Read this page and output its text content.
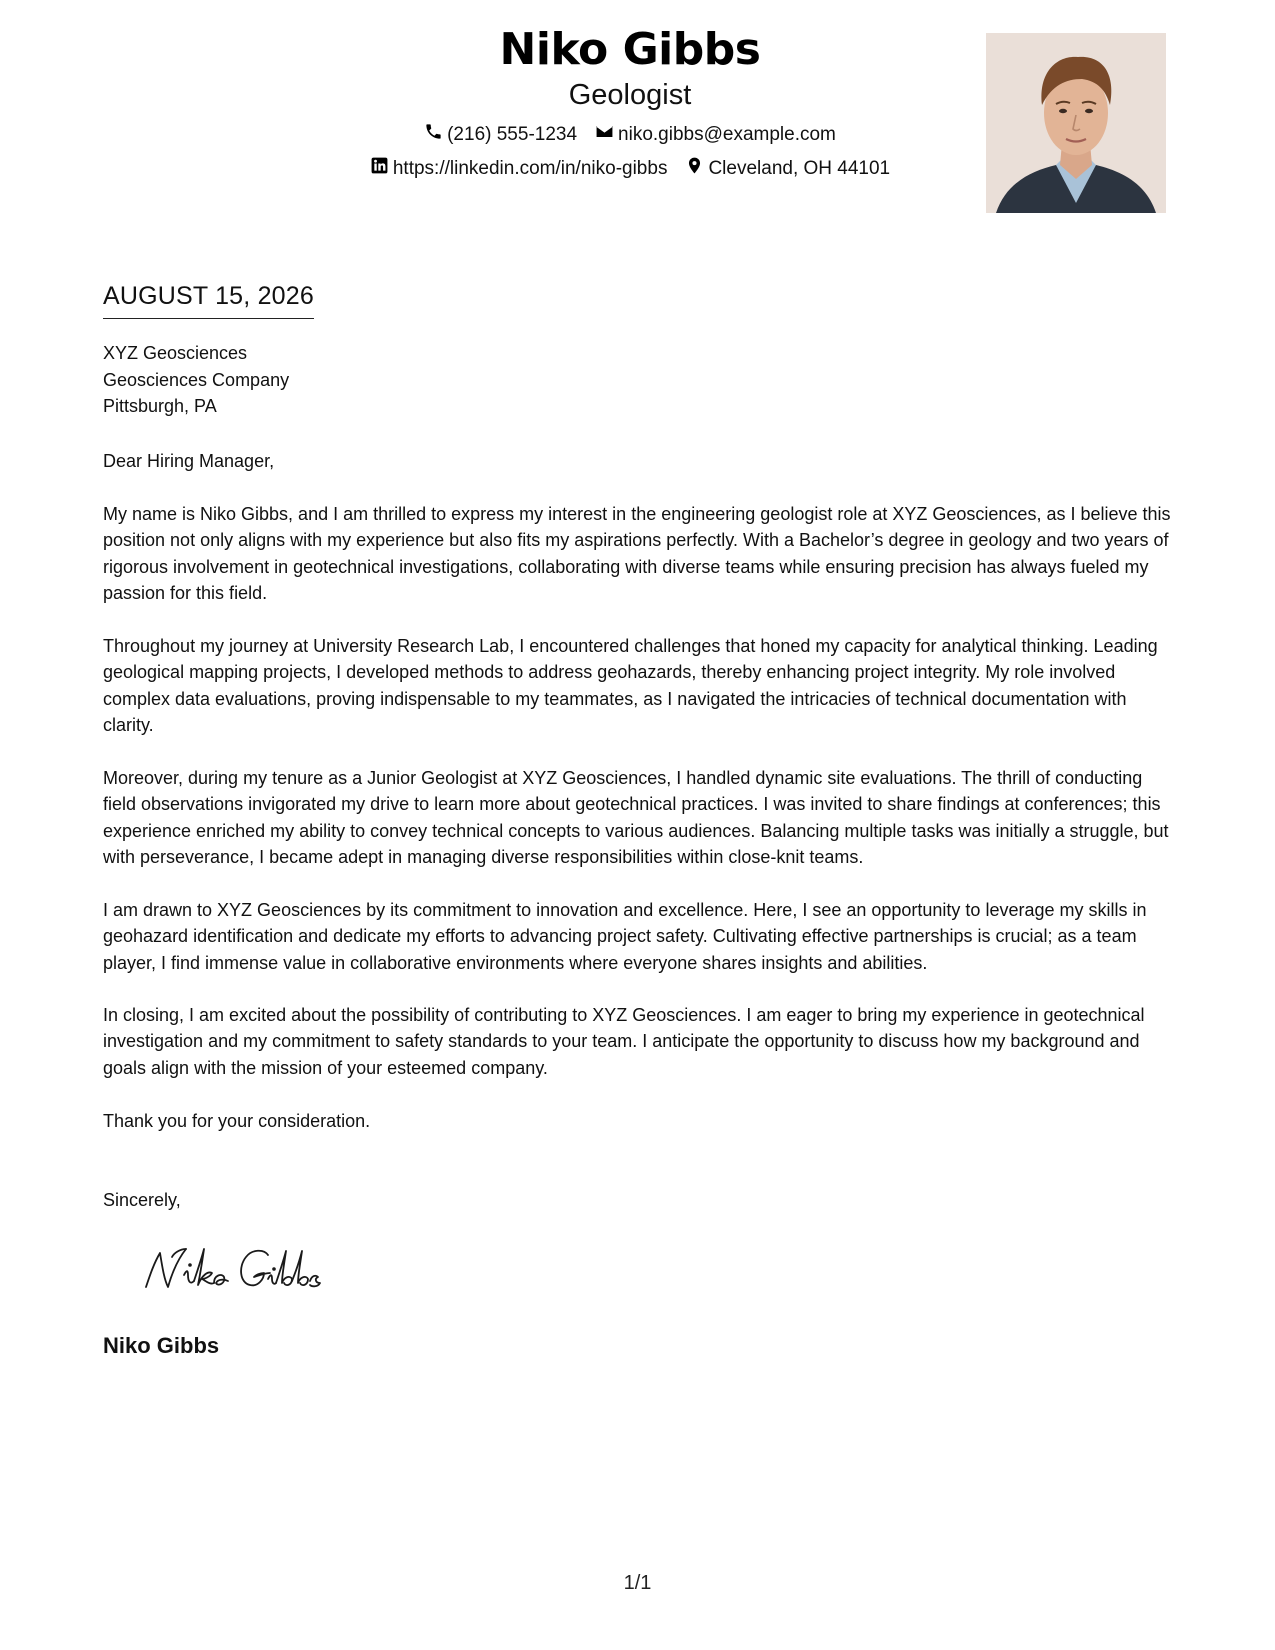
Niko Gibbs
Geologist
(216) 555-1234 niko.gibbs@example.com
https://linkedin.com/in/niko-gibbs Cleveland, OH 44101
AUGUST 15, 2026
XYZ Geosciences
Geosciences Company
Pittsburgh, PA
Dear Hiring Manager,
My name is Niko Gibbs, and I am thrilled to express my interest in the engineering geologist role at XYZ Geosciences, as I believe this position not only aligns with my experience but also fits my aspirations perfectly. With a Bachelor’s degree in geology and two years of rigorous involvement in geotechnical investigations, collaborating with diverse teams while ensuring precision has always fueled my passion for this field.
Throughout my journey at University Research Lab, I encountered challenges that honed my capacity for analytical thinking. Leading geological mapping projects, I developed methods to address geohazards, thereby enhancing project integrity. My role involved complex data evaluations, proving indispensable to my teammates, as I navigated the intricacies of technical documentation with clarity.
Moreover, during my tenure as a Junior Geologist at XYZ Geosciences, I handled dynamic site evaluations. The thrill of conducting field observations invigorated my drive to learn more about geotechnical practices. I was invited to share findings at conferences; this experience enriched my ability to convey technical concepts to various audiences. Balancing multiple tasks was initially a struggle, but with perseverance, I became adept in managing diverse responsibilities within close-knit teams.
I am drawn to XYZ Geosciences by its commitment to innovation and excellence. Here, I see an opportunity to leverage my skills in geohazard identification and dedicate my efforts to advancing project safety. Cultivating effective partnerships is crucial; as a team player, I find immense value in collaborative environments where everyone shares insights and abilities.
In closing, I am excited about the possibility of contributing to XYZ Geosciences. I am eager to bring my experience in geotechnical investigation and my commitment to safety standards to your team. I anticipate the opportunity to discuss how my background and goals align with the mission of your esteemed company.
Thank you for your consideration.
Sincerely,
Niko Gibbs
1/1
